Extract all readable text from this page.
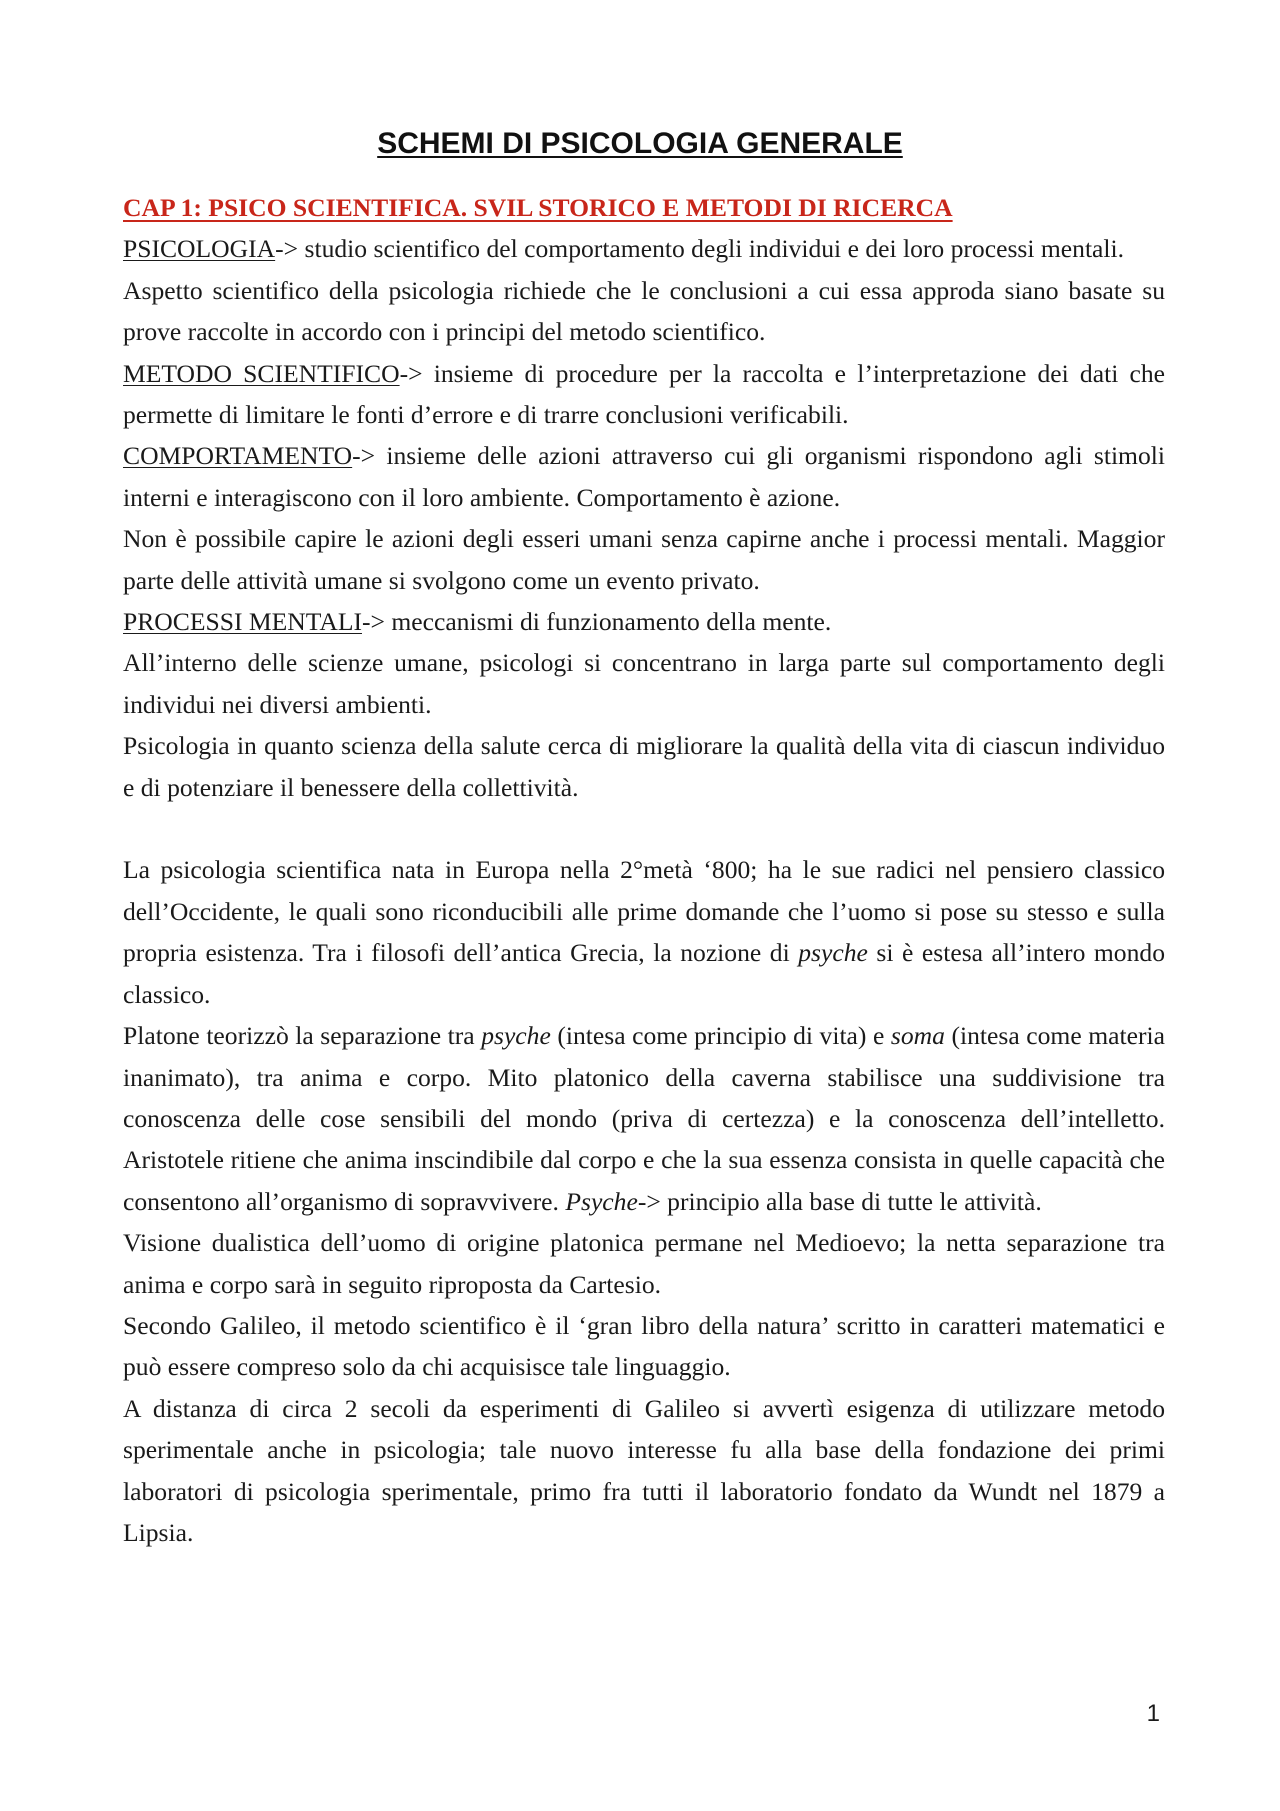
SCHEMI DI PSICOLOGIA GENERALE
CAP 1: PSICO SCIENTIFICA. SVIL STORICO E METODI DI RICERCA

PSICOLOGIA-> studio scientifico del comportamento degli individui e dei loro processi mentali.

Aspetto scientifico della psicologia richiede che le conclusioni a cui essa approda siano basate su prove raccolte in accordo con i principi del metodo scientifico.

METODO SCIENTIFICO-> insieme di procedure per la raccolta e l’interpretazione dei dati che permette di limitare le fonti d’errore e di trarre conclusioni verificabili.

COMPORTAMENTO-> insieme delle azioni attraverso cui gli organismi rispondono agli stimoli interni e interagiscono con il loro ambiente. Comportamento è azione.

Non è possibile capire le azioni degli esseri umani senza capirne anche i processi mentali. Maggior parte delle attività umane si svolgono come un evento privato.

PROCESSI MENTALI-> meccanismi di funzionamento della mente.

All’interno delle scienze umane, psicologi si concentrano in larga parte sul comportamento degli individui nei diversi ambienti.

Psicologia in quanto scienza della salute cerca di migliorare la qualità della vita di ciascun individuo e di potenziare il benessere della collettività.

La psicologia scientifica nata in Europa nella 2°metà ‘800; ha le sue radici nel pensiero classico dell’Occidente, le quali sono riconducibili alle prime domande che l’uomo si pose su stesso e sulla propria esistenza. Tra i filosofi dell’antica Grecia, la nozione di psyche si è estesa all’intero mondo classico.

Platone teorizzò la separazione tra psyche (intesa come principio di vita) e soma (intesa come materia inanimato), tra anima e corpo. Mito platonico della caverna stabilisce una suddivisione tra conoscenza delle cose sensibili del mondo (priva di certezza) e la conoscenza dell’intelletto. Aristotele ritiene che anima inscindibile dal corpo e che la sua essenza consista in quelle capacità che consentono all’organismo di sopravvivere. Psyche-> principio alla base di tutte le attività.

Visione dualistica dell’uomo di origine platonica permane nel Medioevo; la netta separazione tra anima e corpo sarà in seguito riproposta da Cartesio.

Secondo Galileo, il metodo scientifico è il ‘gran libro della natura’ scritto in caratteri matematici e può essere compreso solo da chi acquisisce tale linguaggio.

A distanza di circa 2 secoli da esperimenti di Galileo si avvertì esigenza di utilizzare metodo sperimentale anche in psicologia; tale nuovo interesse fu alla base della fondazione dei primi laboratori di psicologia sperimentale, primo fra tutti il laboratorio fondato da Wundt nel 1879 a Lipsia.

1
